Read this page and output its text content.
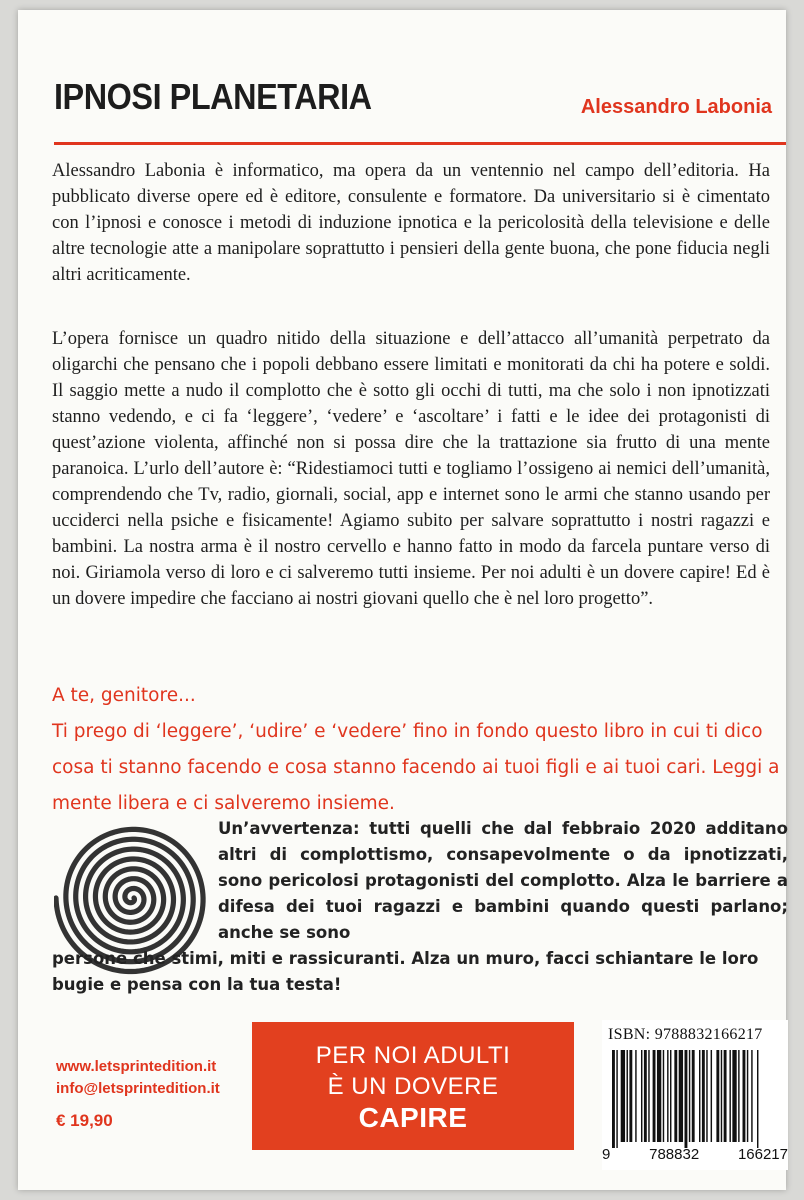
IPNOSI PLANETARIA	Alessandro Labonia
Alessandro Labonia è informatico, ma opera da un ventennio nel campo dell’editoria. Ha pubblicato diverse opere ed è editore, consulente e formatore. Da universitario si è cimentato con l’ipnosi e conosce i metodi di induzione ipnotica e la pericolosità della televisione e delle altre tecnologie atte a manipolare soprattutto i pensieri della gente buona, che pone fiducia negli altri acriticamente.
L’opera fornisce un quadro nitido della situazione e dell’attacco all’umanità perpetrato da oligarchi che pensano che i popoli debbano essere limitati e monitorati da chi ha potere e soldi. Il saggio mette a nudo il complotto che è sotto gli occhi di tutti, ma che solo i non ipnotizzati stanno vedendo, e ci fa ‘leggere’, ‘vedere’ e ‘ascoltare’ i fatti e le idee dei protagonisti di quest’azione violenta, affinché non si possa dire che la trattazione sia frutto di una mente paranoica. L’urlo dell’autore è: “Ridestiamoci tutti e togliamo l’ossigeno ai nemici dell’umanità, comprendendo che Tv, radio, giornali, social, app e internet sono le armi che stanno usando per ucciderci nella psiche e fisicamente! Agiamo subito per salvare soprattutto i nostri ragazzi e bambini. La nostra arma è il nostro cervello e hanno fatto in modo da farcela puntare verso di noi. Giriamola verso di loro e ci salveremo tutti insieme. Per noi adulti è un dovere capire! Ed è un dovere impedire che facciano ai nostri giovani quello che è nel loro progetto”.
A te, genitore...
Ti prego di ‘leggere’, ‘udire’ e ‘vedere’ fino in fondo questo libro in cui ti dico cosa ti stanno facendo e cosa stanno facendo ai tuoi figli e ai tuoi cari. Leggi a mente libera e ci salveremo insieme.
Un’avvertenza: tutti quelli che dal febbraio 2020 additano altri di complottismo, consapevolmente o da ipnotizzati, sono pericolosi protagonisti del complotto. Alza le barriere a difesa dei tuoi ragazzi e bambini quando questi parlano; anche se sono
persone che stimi, miti e rassicuranti. Alza un muro, facci schiantare le loro bugie e pensa con la tua testa!
www.letsprintedition.it
info@letsprintedition.it
€ 19,90
PER NOI ADULTI
È UN DOVERE
CAPIRE
ISBN: 9788832166217
9	788832	166217
